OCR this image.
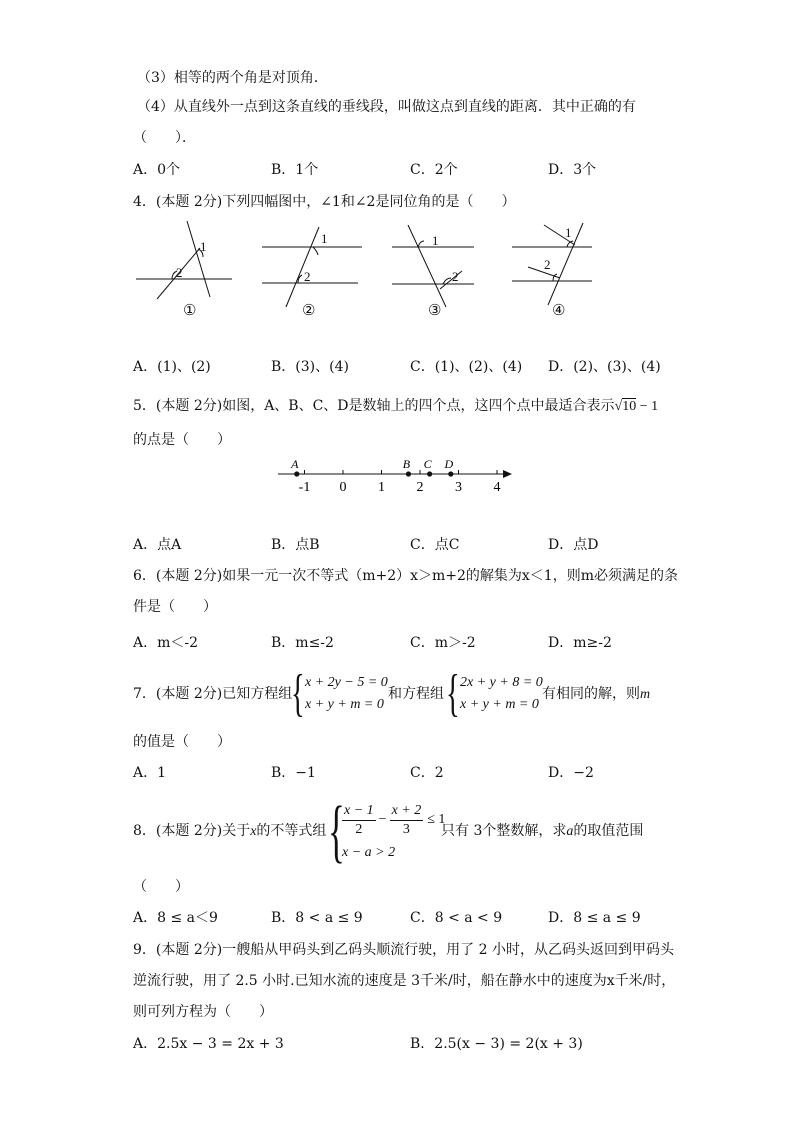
（3）相等的两个角是对顶角．
（4）从直线外一点到这条直线的垂线段，叫做这点到直线的距离．其中正确的有
（　　）．
A．0个	B．1个	C．2个	D．3个
4．(本题 2分)下列四幅图中，∠1和∠2是同位角的是（　　）
1
2
1
2
1
2
1
2
①	②	③	④
A．(1)、(2)	B．(3)、(4)	C．(1)、(2)、(4) D．(2)、(3)、(4)
5．(本题 2分)如图，A、B、C、D是数轴上的四个点，这四个点中最适合表示√10 − 1
的点是（　　）
-1 0 1 2 3 4
A	B C D
A．点A	B．点B	C．点C	D．点D
6．(本题 2分)如果一元一次不等式（m+2）x＞m+2的解集为x＜1，则m必须满足的条
件是（　　）
A．m＜-2	B．m≤-2	C．m＞-2	D．m≥-2
7．(本题 2分)已知方程组
{ x + 2y − 5 = 0
x + y + m = 0
和方程组 { 2x + y + 8 = 0
x + y + m = 0
有相同的解，则m
的值是（　　）
A．1	B．−1	C．2	D．−2
8．(本题 2分)关于x的不等式组 {
$\frac{x - 1}{2} - \frac{x + 2}{3} \le 1$
x − a > 2
只有 3个整数解，求a的取值范围
（　　）
A．8 ≤ a＜9	B．8 < a ≤ 9	C．8 < a < 9	D．8 ≤ a ≤ 9
9．(本题 2分)一艘船从甲码头到乙码头顺流行驶，用了 2 小时，从乙码头返回到甲码头
逆流行驶，用了 2.5 小时.已知水流的速度是 3千米/时，船在静水中的速度为x千米/时，
则可列方程为（　　）
A．2.5x − 3 = 2x + 3	B．2.5(x − 3) = 2(x + 3)
